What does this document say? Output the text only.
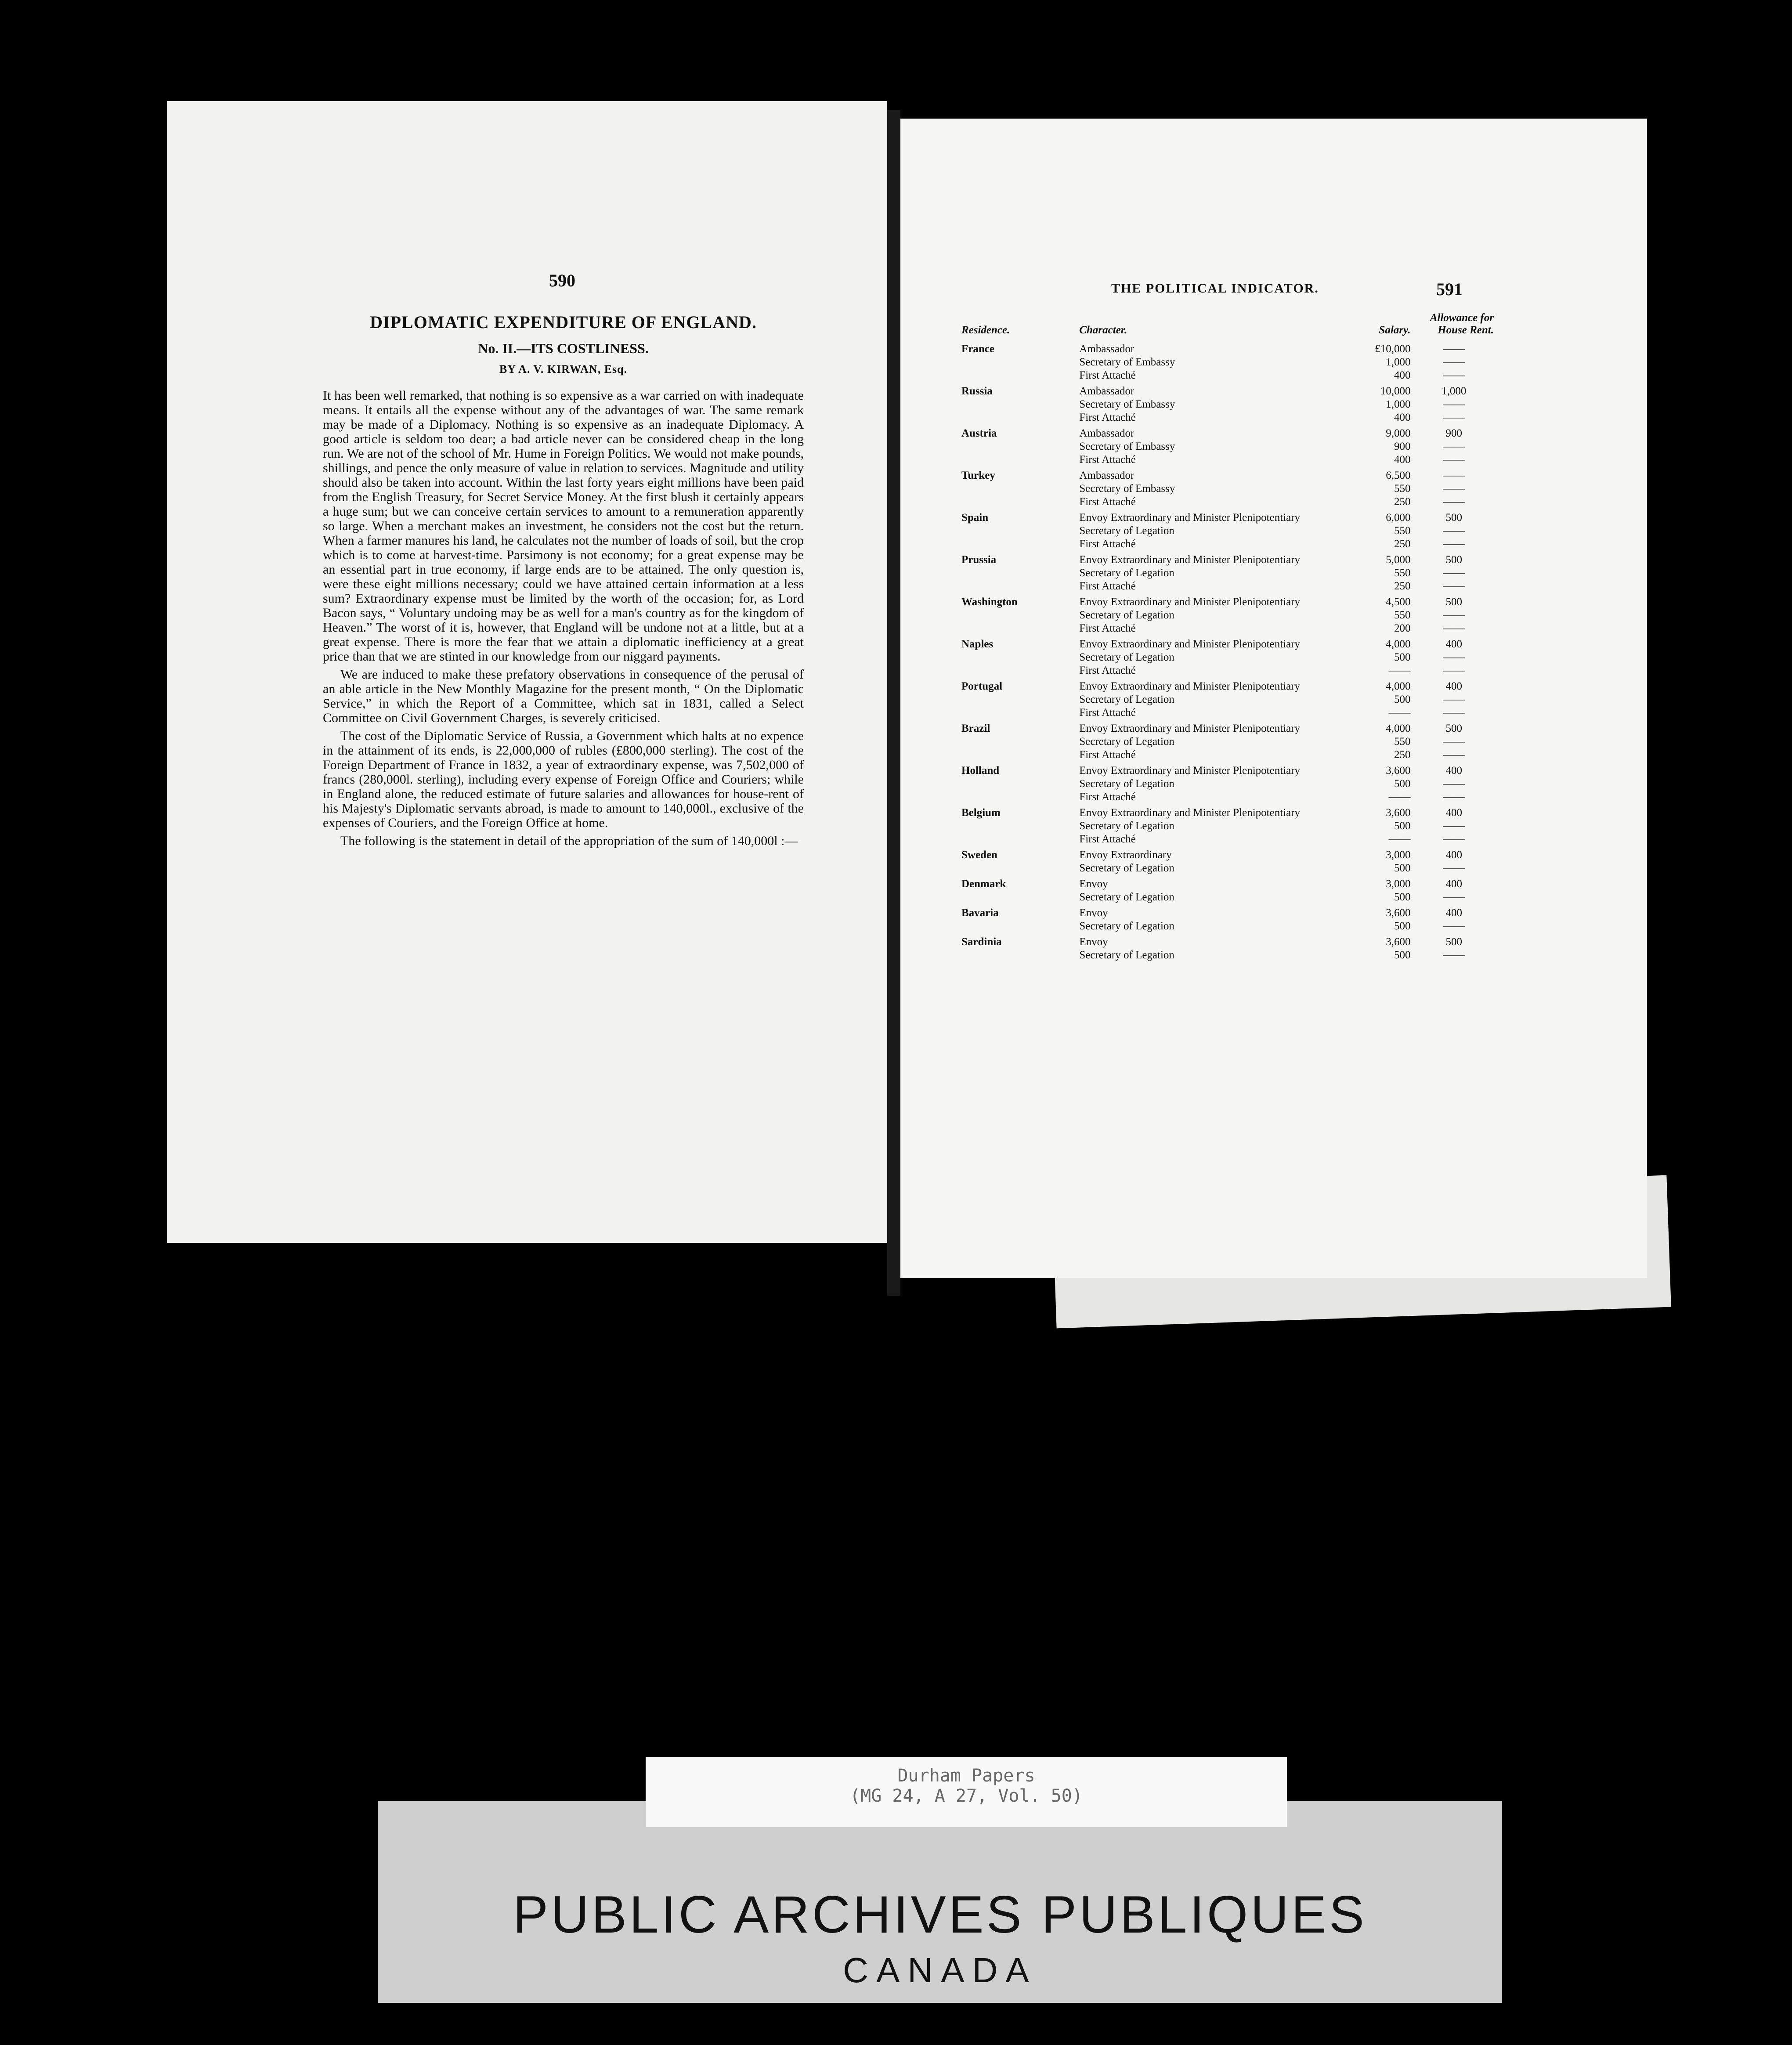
590
DIPLOMATIC EXPENDITURE OF ENGLAND.
No. II.—ITS COSTLINESS.
BY A. V. KIRWAN, Esq.

It has been well remarked, that nothing is so expensive as a war carried on with inadequate means. It entails all the expense without any of the advantages of war. The same remark may be made of a Diplomacy. Nothing is so expensive as an inadequate Diplomacy. A good article is seldom too dear; a bad article never can be considered cheap in the long run. We are not of the school of Mr. Hume in Foreign Politics. We would not make pounds, shillings, and pence the only measure of value in relation to services. Magnitude and utility should also be taken into account. Within the last forty years eight millions have been paid from the English Treasury, for Secret Service Money. At the first blush it certainly appears a huge sum; but we can conceive certain services to amount to a remuneration apparently so large. When a merchant makes an investment, he considers not the cost but the return. When a farmer manures his land, he calculates not the number of loads of soil, but the crop which is to come at harvest-time. Parsimony is not economy; for a great expense may be an essential part in true economy, if large ends are to be attained. The only question is, were these eight millions necessary; could we have attained certain information at a less sum? Extraordinary expense must be limited by the worth of the occasion; for, as Lord Bacon says, “ Voluntary undoing may be as well for a man's country as for the kingdom of Heaven.” The worst of it is, however, that England will be undone not at a little, but at a great expense. There is more the fear that we attain a diplomatic inefficiency at a great price than that we are stinted in our knowledge from our niggard payments.

We are induced to make these prefatory observations in consequence of the perusal of an able article in the New Monthly Magazine for the present month, “ On the Diplomatic Service,” in which the Report of a Committee, which sat in 1831, called a Select Committee on Civil Government Charges, is severely criticised.

The cost of the Diplomatic Service of Russia, a Government which halts at no expence in the attainment of its ends, is 22,000,000 of rubles (£800,000 sterling). The cost of the Foreign Department of France in 1832, a year of extraordinary expense, was 7,502,000 of francs (280,000l. sterling), including every expense of Foreign Office and Couriers; while in England alone, the reduced estimate of future salaries and allowances for house-rent of his Majesty's Diplomatic servants abroad, is made to amount to 140,000l., exclusive of the expenses of Couriers, and the Foreign Office at home.

The following is the statement in detail of the appropriation of the sum of 140,000l :—

THE POLITICAL INDICATOR.	591
Residence.	Character.	Salary.	Allowance for House Rent.
France	Ambassador	£10,000	——
	Secretary of Embassy	1,000	——
	First Attaché	400	——
Russia	Ambassador	10,000	1,000
	Secretary of Embassy	1,000	——
	First Attaché	400	——
Austria	Ambassador	9,000	900
	Secretary of Embassy	900	——
	First Attaché	400	——
Turkey	Ambassador	6,500	——
	Secretary of Embassy	550	——
	First Attaché	250	——
Spain	Envoy Extraordinary and Minister Plenipotentiary	6,000	500
	Secretary of Legation	550	——
	First Attaché	250	——
Prussia	Envoy Extraordinary and Minister Plenipotentiary	5,000	500
	Secretary of Legation	550	——
	First Attaché	250	——
Washington	Envoy Extraordinary and Minister Plenipotentiary	4,500	500
	Secretary of Legation	550	——
	First Attaché	200	——
Naples	Envoy Extraordinary and Minister Plenipotentiary	4,000	400
	Secretary of Legation	500	——
	First Attaché	——	——
Portugal	Envoy Extraordinary and Minister Plenipotentiary	4,000	400
	Secretary of Legation	500	——
	First Attaché	——	——
Brazil	Envoy Extraordinary and Minister Plenipotentiary	4,000	500
	Secretary of Legation	550	——
	First Attaché	250	——
Holland	Envoy Extraordinary and Minister Plenipotentiary	3,600	400
	Secretary of Legation	500	——
	First Attaché	——	——
Belgium	Envoy Extraordinary and Minister Plenipotentiary	3,600	400
	Secretary of Legation	500	——
	First Attaché	——	——
Sweden	Envoy Extraordinary	3,000	400
	Secretary of Legation	500	——
Denmark	Envoy	3,000	400
	Secretary of Legation	500	——
Bavaria	Envoy	3,600	400
	Secretary of Legation	500	——
Sardinia	Envoy	3,600	500
	Secretary of Legation	500	——
PUBLIC ARCHIVES PUBLIQUES
CANADA
Durham Papers
(MG 24, A 27, Vol. 50)
